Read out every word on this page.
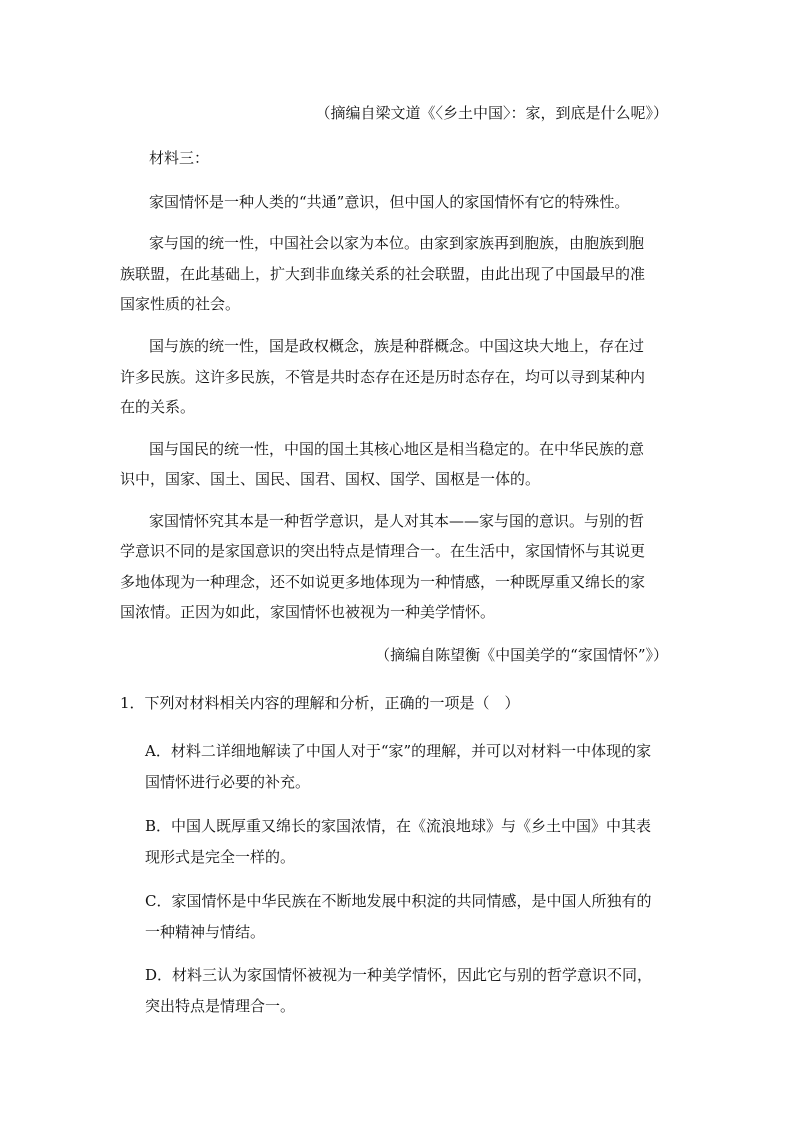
（摘编自梁文道《〈乡土中国〉：家，到底是什么呢》）
材料三：
家国情怀是一种人类的“共通”意识，但中国人的家国情怀有它的特殊性。
家与国的统一性，中国社会以家为本位。由家到家族再到胞族，由胞族到胞
族联盟，在此基础上，扩大到非血缘关系的社会联盟，由此出现了中国最早的准
国家性质的社会。
国与族的统一性，国是政权概念，族是种群概念。中国这块大地上，存在过
许多民族。这许多民族，不管是共时态存在还是历时态存在，均可以寻到某种内
在的关系。
国与国民的统一性，中国的国土其核心地区是相当稳定的。在中华民族的意
识中，国家、国土、国民、国君、国权、国学、国枢是一体的。
家国情怀究其本是一种哲学意识，是人对其本——家与国的意识。与别的哲
学意识不同的是家国意识的突出特点是情理合一。在生活中，家国情怀与其说更
多地体现为一种理念，还不如说更多地体现为一种情感，一种既厚重又绵长的家
国浓情。正因为如此，家国情怀也被视为一种美学情怀。
（摘编自陈望衡《中国美学的“家国情怀”》）
1．下列对材料相关内容的理解和分析，正确的一项是（　）
A．材料二详细地解读了中国人对于“家”的理解，并可以对材料一中体现的家
国情怀进行必要的补充。
B．中国人既厚重又绵长的家国浓情，在《流浪地球》与《乡土中国》中其表
现形式是完全一样的。
C．家国情怀是中华民族在不断地发展中积淀的共同情感，是中国人所独有的
一种精神与情结。
D．材料三认为家国情怀被视为一种美学情怀，因此它与别的哲学意识不同，
突出特点是情理合一。
